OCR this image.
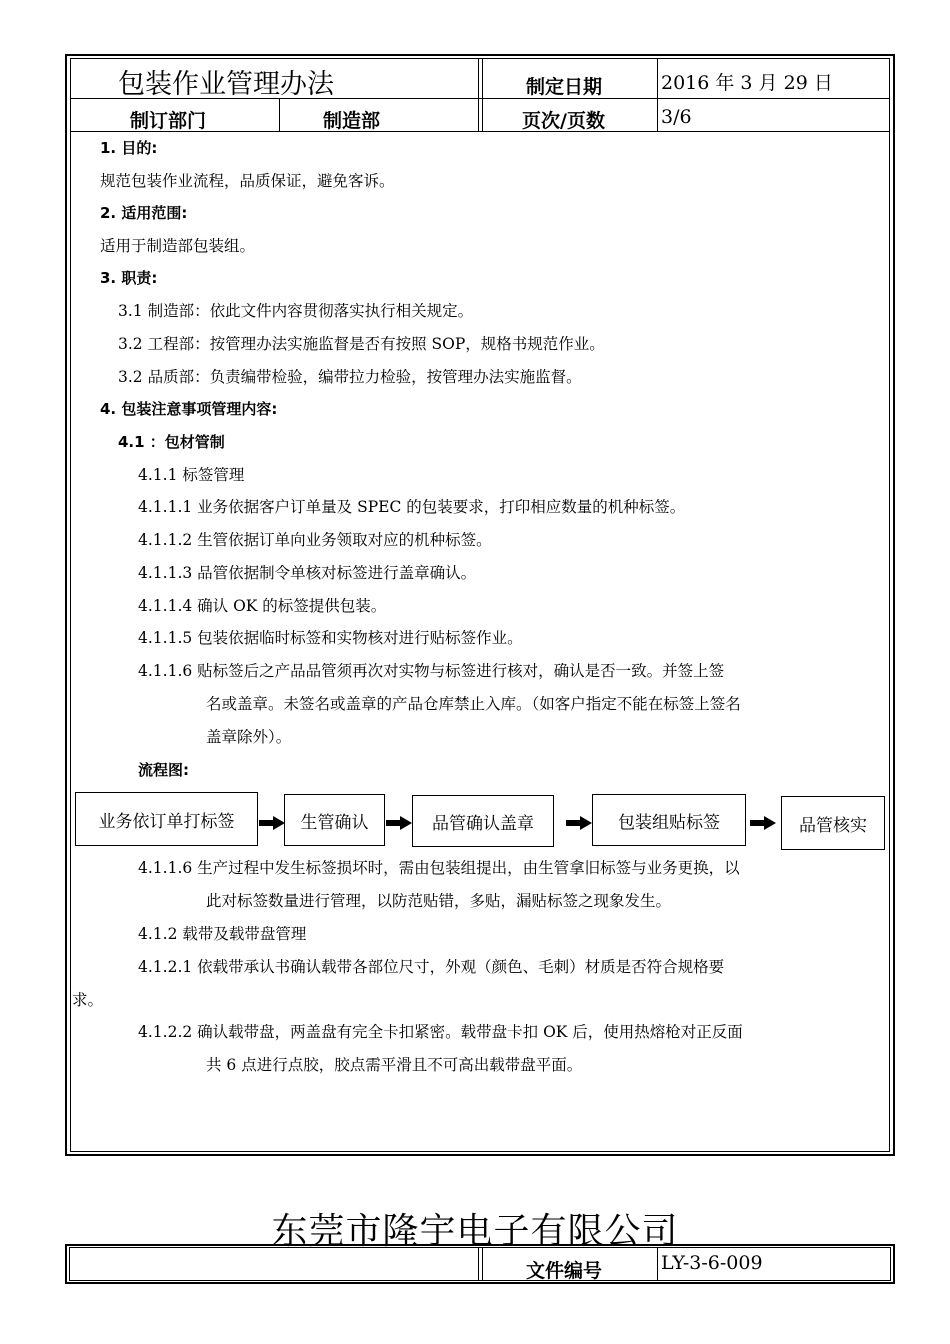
包装作业管理办法	制定日期	2016 年 3 月 29 日
制订部门	制造部	页次/页数	3/6
1. 目的:
规范包装作业流程，品质保证，避免客诉。
2. 适用范围:
适用于制造部包装组。
3. 职责:
3.1 制造部：依此文件内容贯彻落实执行相关规定。
3.2 工程部：按管理办法实施监督是否有按照 SOP，规格书规范作业。
3.2 品质部：负责编带检验，编带拉力检验，按管理办法实施监督。
4. 包装注意事项管理内容:
4.1 ：包材管制
4.1.1 标签管理
4.1.1.1 业务依据客户订单量及 SPEC 的包装要求，打印相应数量的机种标签。
4.1.1.2 生管依据订单向业务领取对应的机种标签。
4.1.1.3 品管依据制令单核对标签进行盖章确认。
4.1.1.4 确认 OK 的标签提供包装。
4.1.1.5 包装依据临时标签和实物核对进行贴标签作业。
4.1.1.6 贴标签后之产品品管须再次对实物与标签进行核对，确认是否一致。并签上签
名或盖章。未签名或盖章的产品仓库禁止入库。（如客户指定不能在标签上签名
盖章除外）。
流程图:
业务依订单打标签	生管确认	品管确认盖章	包装组贴标签	品管核实
4.1.1.6 生产过程中发生标签损坏时，需由包装组提出，由生管拿旧标签与业务更换，以
此对标签数量进行管理，以防范贴错，多贴，漏贴标签之现象发生。
4.1.2 载带及载带盘管理
4.1.2.1 依载带承认书确认载带各部位尺寸，外观（颜色、毛刺）材质是否符合规格要
求。
4.1.2.2 确认载带盘，两盖盘有完全卡扣紧密。载带盘卡扣 OK 后，使用热熔枪对正反面
共 6 点进行点胶，胶点需平滑且不可高出载带盘平面。
东莞市隆宇电子有限公司
文件编号	LY-3-6-009
